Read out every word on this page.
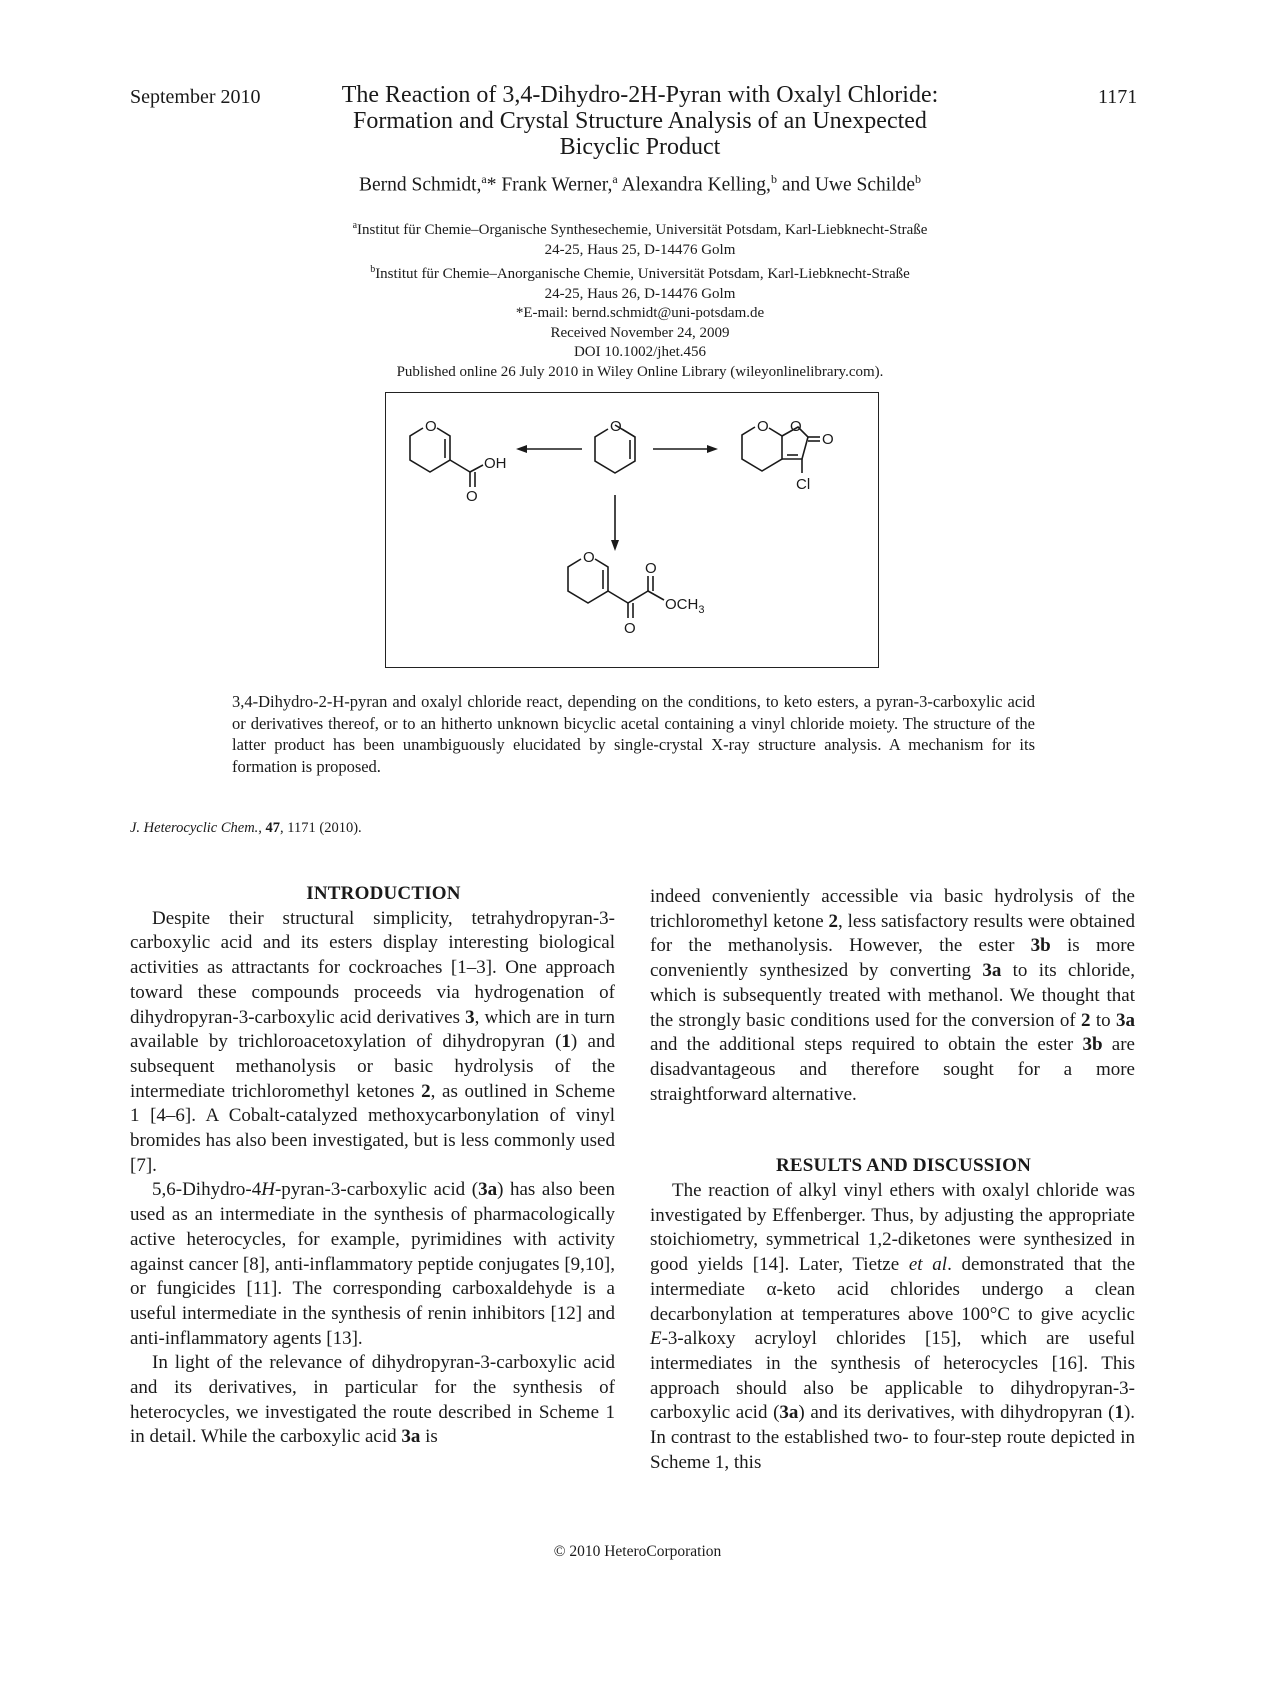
September 2010	1171
The Reaction of 3,4-Dihydro-2H-Pyran with Oxalyl Chloride:
Formation and Crystal Structure Analysis of an Unexpected
Bicyclic Product
Bernd Schmidt,$^a$* Frank Werner,$^a$ Alexandra Kelling,$^b$ and Uwe Schilde$^b$
$^a$Institut für Chemie–Organische Synthesechemie, Universität Potsdam, Karl-Liebknecht-Straße
24-25, Haus 25, D-14476 Golm
$^b$Institut für Chemie–Anorganische Chemie, Universität Potsdam, Karl-Liebknecht-Straße
24-25, Haus 26, D-14476 Golm
*E-mail: bernd.schmidt@uni-potsdam.de
Received November 24, 2009
DOI 10.1002/jhet.456
Published online 26 July 2010 in Wiley Online Library (wileyonlinelibrary.com).
O
O
OH
O
O O
O
Cl
O
O
O
$OCH_3$
3,4-Dihydro-2-H-pyran and oxalyl chloride react, depending on the conditions, to keto esters, a pyran-3-carboxylic acid or derivatives thereof, or to an hitherto unknown bicyclic acetal containing a vinyl chloride moiety. The structure of the latter product has been unambiguously elucidated by single-crystal X-ray structure analysis. A mechanism for its formation is proposed.
J. Heterocyclic Chem., 47, 1171 (2010).

INTRODUCTION

Despite their structural simplicity, tetrahydropyran-3-carboxylic acid and its esters display interesting biological activities as attractants for cockroaches [1–3]. One approach toward these compounds proceeds via hydrogenation of dihydropyran-3-carboxylic acid derivatives 3, which are in turn available by trichloroacetoxylation of dihydropyran (1) and subsequent methanolysis or basic hydrolysis of the intermediate trichloromethyl ketones 2, as outlined in Scheme 1 [4–6]. A Cobalt-catalyzed methoxycarbonylation of vinyl bromides has also been investigated, but is less commonly used [7].

5,6-Dihydro-4H-pyran-3-carboxylic acid (3a) has also been used as an intermediate in the synthesis of pharmacologically active heterocycles, for example, pyrimidines with activity against cancer [8], anti-inflammatory peptide conjugates [9,10], or fungicides [11]. The corresponding carboxaldehyde is a useful intermediate in the synthesis of renin inhibitors [12] and anti-inflammatory agents [13].

In light of the relevance of dihydropyran-3-carboxylic acid and its derivatives, in particular for the synthesis of heterocycles, we investigated the route described in Scheme 1 in detail. While the carboxylic acid 3a is

indeed conveniently accessible via basic hydrolysis of the trichloromethyl ketone 2, less satisfactory results were obtained for the methanolysis. However, the ester 3b is more conveniently synthesized by converting 3a to its chloride, which is subsequently treated with methanol. We thought that the strongly basic conditions used for the conversion of 2 to 3a and the additional steps required to obtain the ester 3b are disadvantageous and therefore sought for a more straightforward alternative.

RESULTS AND DISCUSSION

The reaction of alkyl vinyl ethers with oxalyl chloride was investigated by Effenberger. Thus, by adjusting the appropriate stoichiometry, symmetrical 1,2-diketones were synthesized in good yields [14]. Later, Tietze et al. demonstrated that the intermediate α-keto acid chlorides undergo a clean decarbonylation at temperatures above 100°C to give acyclic E-3-alkoxy acryloyl chlorides [15], which are useful intermediates in the synthesis of heterocycles [16]. This approach should also be applicable to dihydropyran-3-carboxylic acid (3a) and its derivatives, with dihydropyran (1). In contrast to the established two- to four-step route depicted in Scheme 1, this

© 2010 HeteroCorporation
